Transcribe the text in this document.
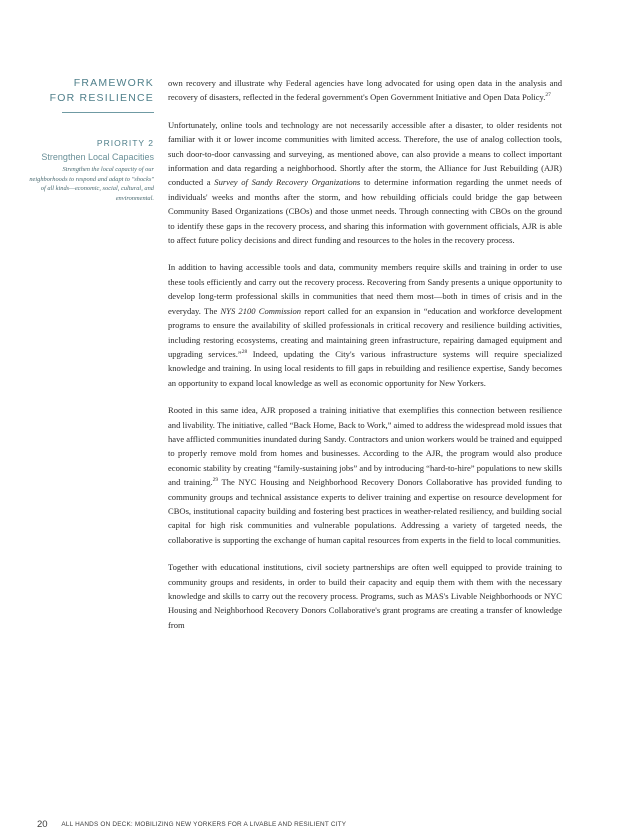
FRAMEWORK
FOR RESILIENCE
PRIORITY 2
Strengthen Local Capacities
Strengthen the local capacity of our neighborhoods to respond and adapt to "shocks" of all kinds—economic, social, cultural, and environmental.

own recovery and illustrate why Federal agencies have long advocated for using open data in the analysis and recovery of disasters, reflected in the federal government's Open Government Initiative and Open Data Policy.$^{27}$

Unfortunately, online tools and technology are not necessarily accessible after a disaster, to older residents not familiar with it or lower income communities with limited access. Therefore, the use of analog collection tools, such door-to-door canvassing and surveying, as mentioned above, can also provide a means to collect important information and data regarding a neighborhood. Shortly after the storm, the Alliance for Just Rebuilding (AJR) conducted a Survey of Sandy Recovery Organizations to determine information regarding the unmet needs of individuals' weeks and months after the storm, and how rebuilding officials could bridge the gap between Community Based Organizations (CBOs) and those unmet needs. Through connecting with CBOs on the ground to identify these gaps in the recovery process, and sharing this information with government officials, AJR is able to affect future policy decisions and direct funding and resources to the holes in the recovery process.

In addition to having accessible tools and data, community members require skills and training in order to use these tools efficiently and carry out the recovery process. Recovering from Sandy presents a unique opportunity to develop long-term professional skills in communities that need them most—both in times of crisis and in the everyday. The NYS 2100 Commission report called for an expansion in “education and workforce development programs to ensure the availability of skilled professionals in critical recovery and resilience building activities, including restoring ecosystems, creating and maintaining green infrastructure, repairing damaged equipment and upgrading services.”$^{28}$ Indeed, updating the City's various infrastructure systems will require specialized knowledge and training. In using local residents to fill gaps in rebuilding and resilience expertise, Sandy becomes an opportunity to expand local knowledge as well as economic opportunity for New Yorkers.

Rooted in this same idea, AJR proposed a training initiative that exemplifies this connection between resilience and livability. The initiative, called “Back Home, Back to Work,” aimed to address the widespread mold issues that have afflicted communities inundated during Sandy. Contractors and union workers would be trained and equipped to properly remove mold from homes and businesses. According to the AJR, the program would also produce economic stability by creating “family-sustaining jobs” and by introducing “hard-to-hire” populations to new skills and training.$^{29}$ The NYC Housing and Neighborhood Recovery Donors Collaborative has provided funding to community groups and technical assistance experts to deliver training and expertise on resource development for CBOs, institutional capacity building and fostering best practices in weather-related resiliency, and building social capital for high risk communities and vulnerable populations. Addressing a variety of targeted needs, the collaborative is supporting the exchange of human capital resources from experts in the field to local communities.

Together with educational institutions, civil society partnerships are often well equipped to provide training to community groups and residents, in order to build their capacity and equip them with them with the necessary knowledge and skills to carry out the recovery process. Programs, such as MAS's Livable Neighborhoods or NYC Housing and Neighborhood Recovery Donors Collaborative's grant programs are creating a transfer of knowledge from

20 ALL HANDS ON DECK: MOBILIZING NEW YORKERS FOR A LIVABLE AND RESILIENT CITY
